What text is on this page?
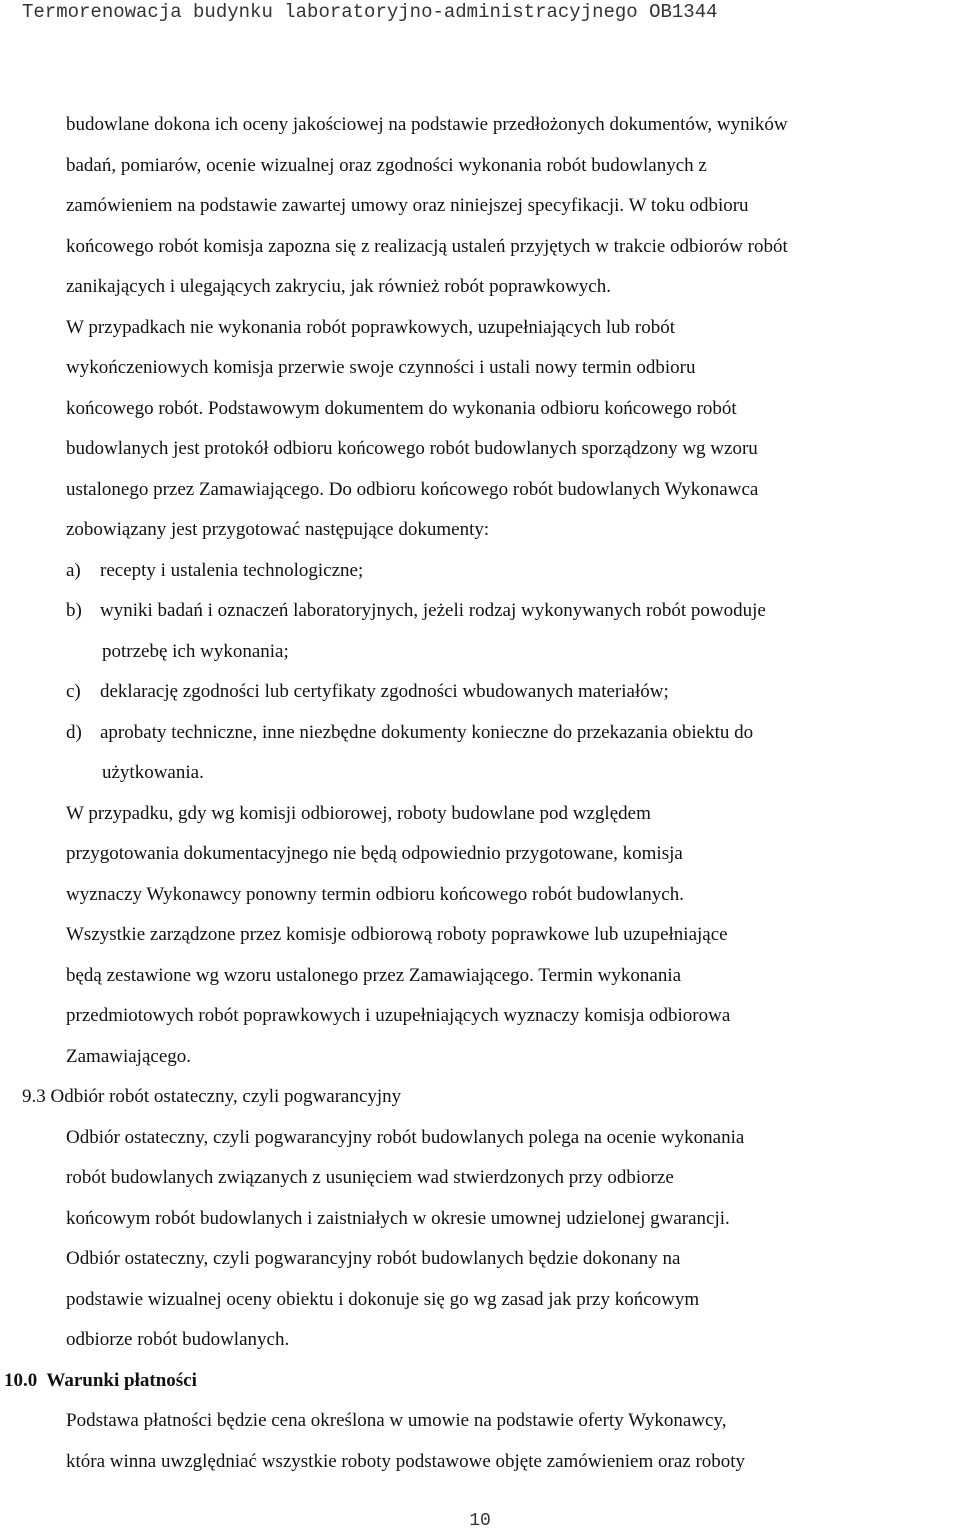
Termorenowacja budynku laboratoryjno-administracyjnego OB1344
budowlane dokona ich oceny jakościowej na podstawie przedłożonych dokumentów, wyników
badań, pomiarów, ocenie wizualnej oraz zgodności wykonania robót budowlanych z
zamówieniem na podstawie zawartej umowy oraz niniejszej specyfikacji. W toku odbioru
końcowego robót komisja zapozna się z realizacją ustaleń przyjętych w trakcie odbiorów robót
zanikających i ulegających zakryciu, jak również robót poprawkowych.
W przypadkach nie wykonania robót poprawkowych, uzupełniających lub robót
wykończeniowych komisja przerwie swoje czynności i ustali nowy termin odbioru
końcowego robót. Podstawowym dokumentem do wykonania odbioru końcowego robót
budowlanych jest protokół odbioru końcowego robót budowlanych sporządzony wg wzoru
ustalonego przez Zamawiającego. Do odbioru końcowego robót budowlanych Wykonawca
zobowiązany jest przygotować następujące dokumenty:
a) recepty i ustalenia technologiczne;
b) wyniki badań i oznaczeń laboratoryjnych, jeżeli rodzaj wykonywanych robót powoduje
potrzebę ich wykonania;
c) deklarację zgodności lub certyfikaty zgodności wbudowanych materiałów;
d) aprobaty techniczne, inne niezbędne dokumenty konieczne do przekazania obiektu do
użytkowania.
W przypadku, gdy wg komisji odbiorowej, roboty budowlane pod względem
przygotowania dokumentacyjnego nie będą odpowiednio przygotowane, komisja
wyznaczy Wykonawcy ponowny termin odbioru końcowego robót budowlanych.
Wszystkie zarządzone przez komisje odbiorową roboty poprawkowe lub uzupełniające
będą zestawione wg wzoru ustalonego przez Zamawiającego. Termin wykonania
przedmiotowych robót poprawkowych i uzupełniających wyznaczy komisja odbiorowa
Zamawiającego.
9.3 Odbiór robót ostateczny, czyli pogwarancyjny
Odbiór ostateczny, czyli pogwarancyjny robót budowlanych polega na ocenie wykonania
robót budowlanych związanych z usunięciem wad stwierdzonych przy odbiorze
końcowym robót budowlanych i zaistniałych w okresie umownej udzielonej gwarancji.
Odbiór ostateczny, czyli pogwarancyjny robót budowlanych będzie dokonany na
podstawie wizualnej oceny obiektu i dokonuje się go wg zasad jak przy końcowym
odbiorze robót budowlanych.
10.0  Warunki płatności
Podstawa płatności będzie cena określona w umowie na podstawie oferty Wykonawcy,
która winna uwzględniać wszystkie roboty podstawowe objęte zamówieniem oraz roboty
10
